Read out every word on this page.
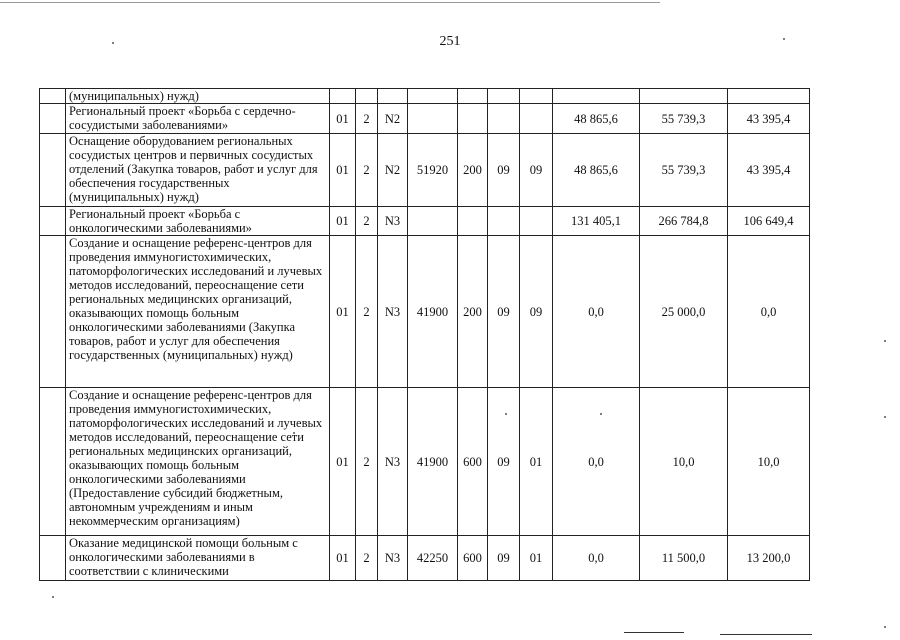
251
	(муниципальных) нужд)										
	Региональный проект «Борьба с сердечно-сосудистыми заболеваниями»	01	2	N2					48 865,6	55 739,3	43 395,4
	Оснащение оборудованием региональных сосудистых центров и первичных сосудистых отделений (Закупка товаров, работ и услуг для обеспечения государственных (муниципальных) нужд)	01	2	N2	51920	200	09	09	48 865,6	55 739,3	43 395,4
	Региональный проект «Борьба с онкологическими заболеваниями»	01	2	N3					131 405,1	266 784,8	106 649,4
	Создание и оснащение референс-центров для проведения иммуногистохимических, патоморфологических исследований и лучевых методов исследований, переоснащение сети региональных медицинских организаций, оказывающих помощь больным онкологическими заболеваниями (Закупка товаров, работ и услуг для обеспечения государственных (муниципальных) нужд)	01	2	N3	41900	200	09	09	0,0	25 000,0	0,0
	Создание и оснащение референс-центров для проведения иммуногистохимических, патоморфологических исследований и лучевых методов исследований, переоснащение сети региональных медицинских организаций, оказывающих помощь больным онкологическими заболеваниями (Предоставление субсидий бюджетным, автономным учреждениям и иным некоммерческим организациям)	01	2	N3	41900	600	09	01	0,0	10,0	10,0
	Оказание медицинской помощи больным с онкологическими заболеваниями в соответствии с клиническими	01	2	N3	42250	600	09	01	0,0	11 500,0	13 200,0
